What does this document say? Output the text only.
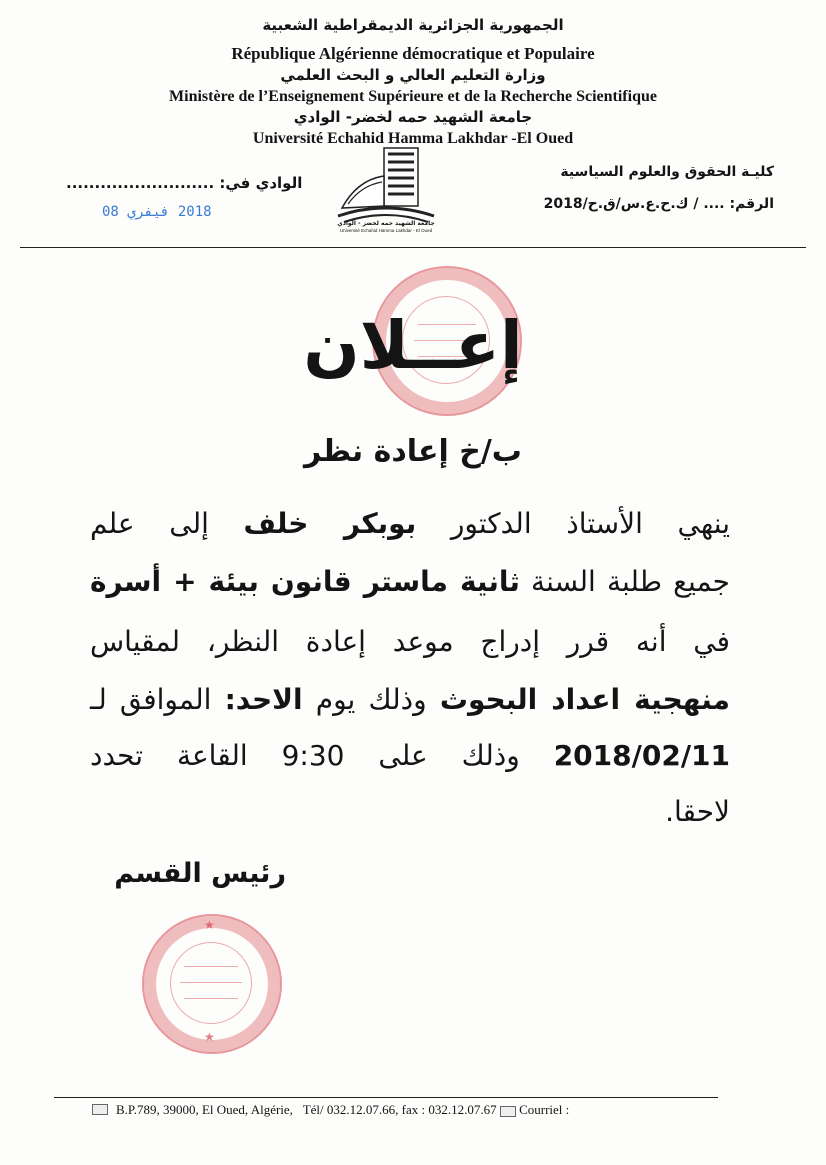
الجمهورية الجزائرية الديمقراطية الشعبية
République Algérienne démocratique et Populaire
وزارة التعليم العالي و البحث العلمي
Ministère de l’Enseignement Supérieure et de la Recherche Scientifique
جامعة الشهيد حمه لخضر- الوادي
Université Echahid Hamma Lakhdar -El Oued
كليـة الحقوق والعلوم السياسية
الرقم: .... / ك.ح.ع.س/ق.ح/2018
الوادي في: ..........................
2018 فيفري 08
جامعة الشهيد حمه لخضر - الوادي
Université Echahid Hamma Lakhdar - El Oued
إعــلان
ب/خ إعادة نظر
ينهي الأستاذ الدكتور بوبكر خلف إلى علم
جميع طلبة السنة ثانية ماستر قانون بيئة + أسرة
في أنه قرر إدراج موعد إعادة النظر، لمقياس
منهجية اعداد البحوث وذلك يوم الاحد: الموافق لـ
2018/02/11 وذلك على 9:30 القاعة تحدد
لاحقا.
رئيس القسم
★
★
B.P.789, 39000, El Oued, Algérie, Tél/ 032.12.07.66, fax : 032.12.07.67 Courriel :
